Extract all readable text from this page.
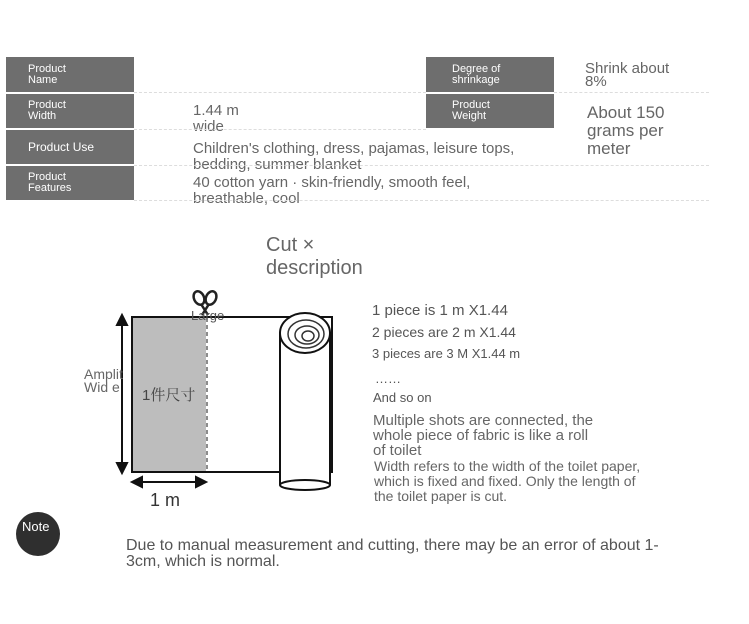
Product Name
Product Width
Product Use
Product Features
1.44 m wide
Children's clothing, dress, pajamas, leisure tops, bedding, summer blanket
40 cotton yarn · skin-friendly, smooth feel, breathable, cool
Degree of shrinkage
Product Weight
Shrink about 8%
About 150 grams per meter
Cut × description
Large
Amplit Wid e	1件尺寸
1 m
1 piece is 1 m X1.44
2 pieces are 2 m X1.44
3 pieces are 3 M X1.44 m
……
And so on
Multiple shots are connected, the whole piece of fabric is like a roll of toilet
Width refers to the width of the toilet paper, which is fixed and fixed. Only the length of the toilet paper is cut.
Note
Due to manual measurement and cutting, there may be an error of about 1-3cm, which is normal.
